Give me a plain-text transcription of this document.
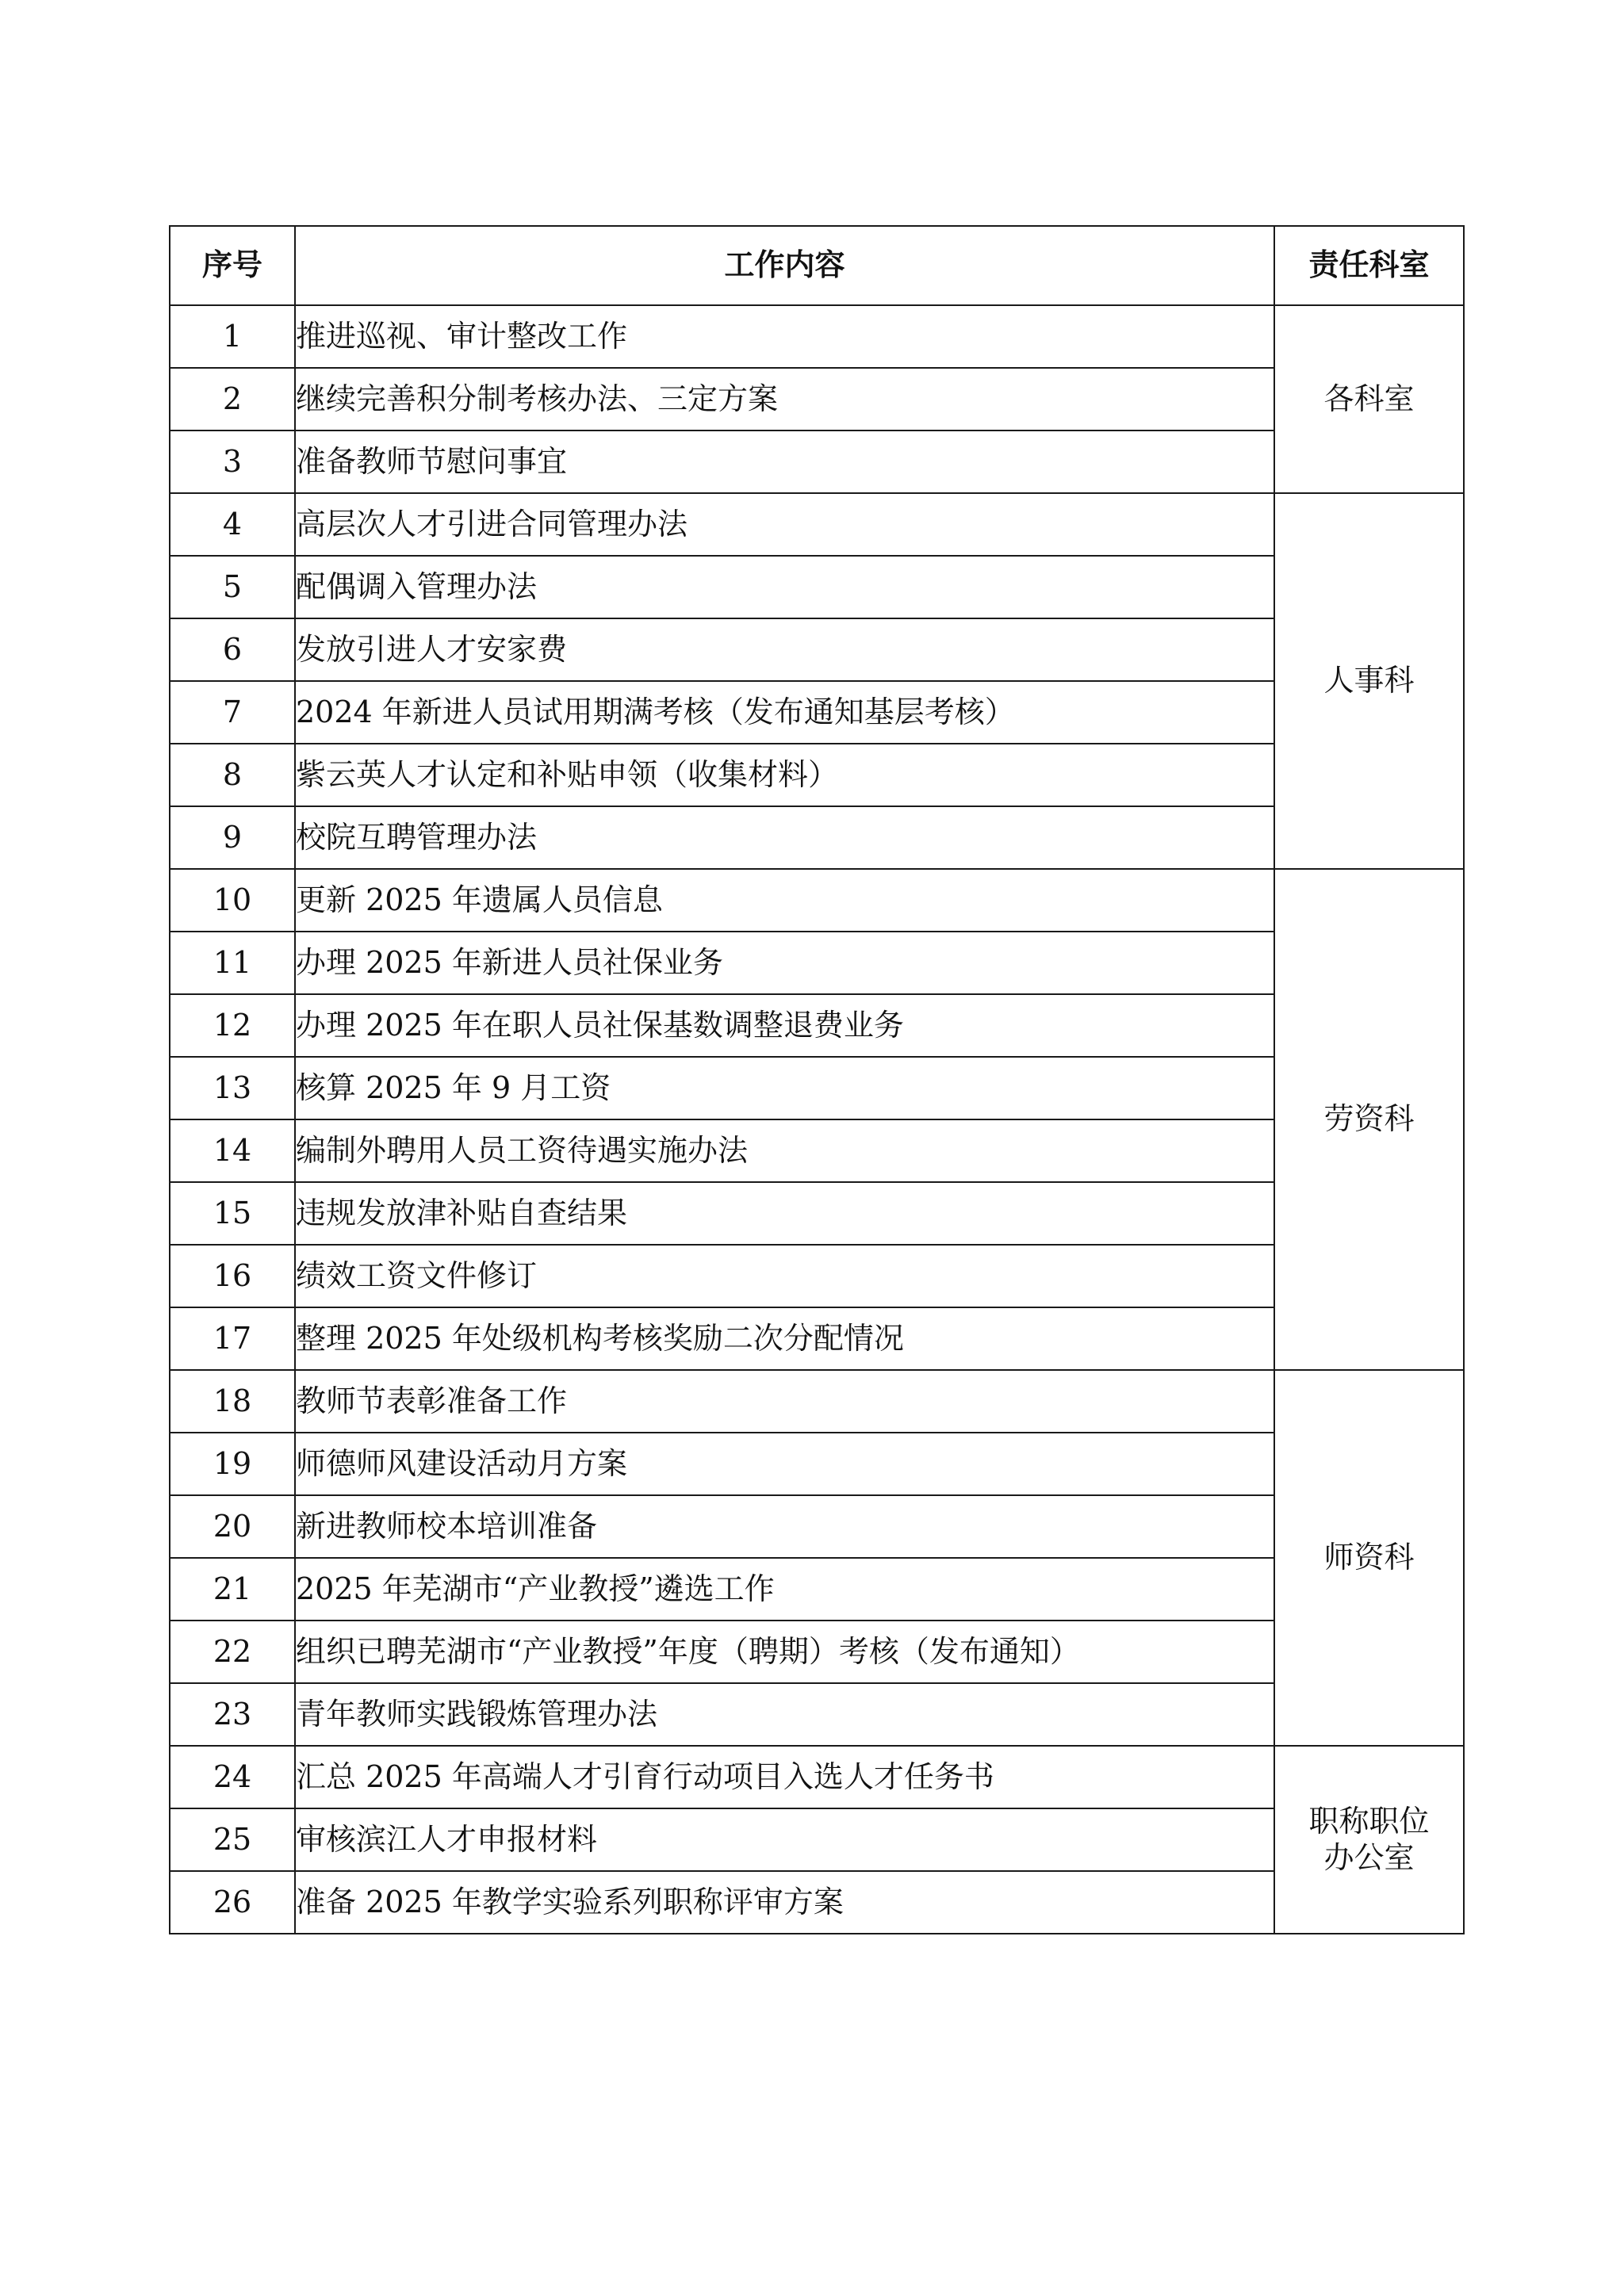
序号	工作内容	责任科室
1	推进巡视、审计整改工作	各科室
2	继续完善积分制考核办法、三定方案	
3	准备教师节慰问事宜	
4	高层次人才引进合同管理办法	人事科
5	配偶调入管理办法	
6	发放引进人才安家费	
7	2024 年新进人员试用期满考核（发布通知基层考核）	
8	紫云英人才认定和补贴申领（收集材料）	
9	校院互聘管理办法	
10	更新 2025 年遗属人员信息	劳资科
11	办理 2025 年新进人员社保业务	
12	办理 2025 年在职人员社保基数调整退费业务	
13	核算 2025 年 9 月工资	
14	编制外聘用人员工资待遇实施办法	
15	违规发放津补贴自查结果	
16	绩效工资文件修订	
17	整理 2025 年处级机构考核奖励二次分配情况	
18	教师节表彰准备工作	师资科
19	师德师风建设活动月方案	
20	新进教师校本培训准备	
21	2025 年芜湖市“产业教授”遴选工作	
22	组织已聘芜湖市“产业教授”年度（聘期）考核（发布通知）	
23	青年教师实践锻炼管理办法	
24	汇总 2025 年高端人才引育行动项目入选人才任务书	职称职位
办公室
25	审核滨江人才申报材料	
26	准备 2025 年教学实验系列职称评审方案	
